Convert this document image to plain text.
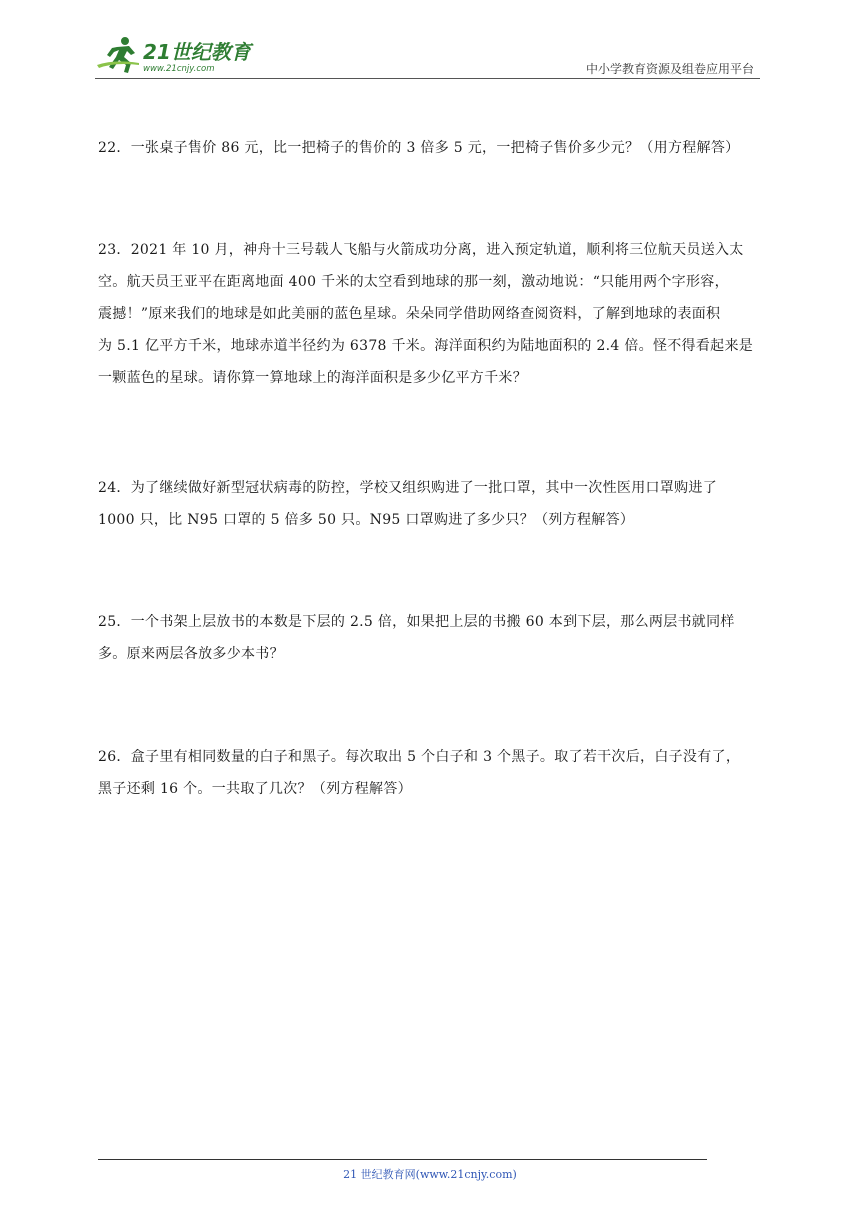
21世纪教育
www.21cnjy.com	中小学教育资源及组卷应用平台
22．一张桌子售价 86 元，比一把椅子的售价的 3 倍多 5 元，一把椅子售价多少元？（用方程解答）
23．2021 年 10 月，神舟十三号载人飞船与火箭成功分离，进入预定轨道，顺利将三位航天员送入太
空。航天员王亚平在距离地面 400 千米的太空看到地球的那一刻，激动地说：“只能用两个字形容，
震撼！”原来我们的地球是如此美丽的蓝色星球。朵朵同学借助网络查阅资料，了解到地球的表面积
为 5.1 亿平方千米，地球赤道半径约为 6378 千米。海洋面积约为陆地面积的 2.4 倍。怪不得看起来是
一颗蓝色的星球。请你算一算地球上的海洋面积是多少亿平方千米？
24．为了继续做好新型冠状病毒的防控，学校又组织购进了一批口罩，其中一次性医用口罩购进了
1000 只，比 N95 口罩的 5 倍多 50 只。N95 口罩购进了多少只？（列方程解答）
25．一个书架上层放书的本数是下层的 2.5 倍，如果把上层的书搬 60 本到下层，那么两层书就同样
多。原来两层各放多少本书？
26．盒子里有相同数量的白子和黑子。每次取出 5 个白子和 3 个黑子。取了若干次后，白子没有了，
黑子还剩 16 个。一共取了几次？（列方程解答）
21 世纪教育网(www.21cnjy.com)
